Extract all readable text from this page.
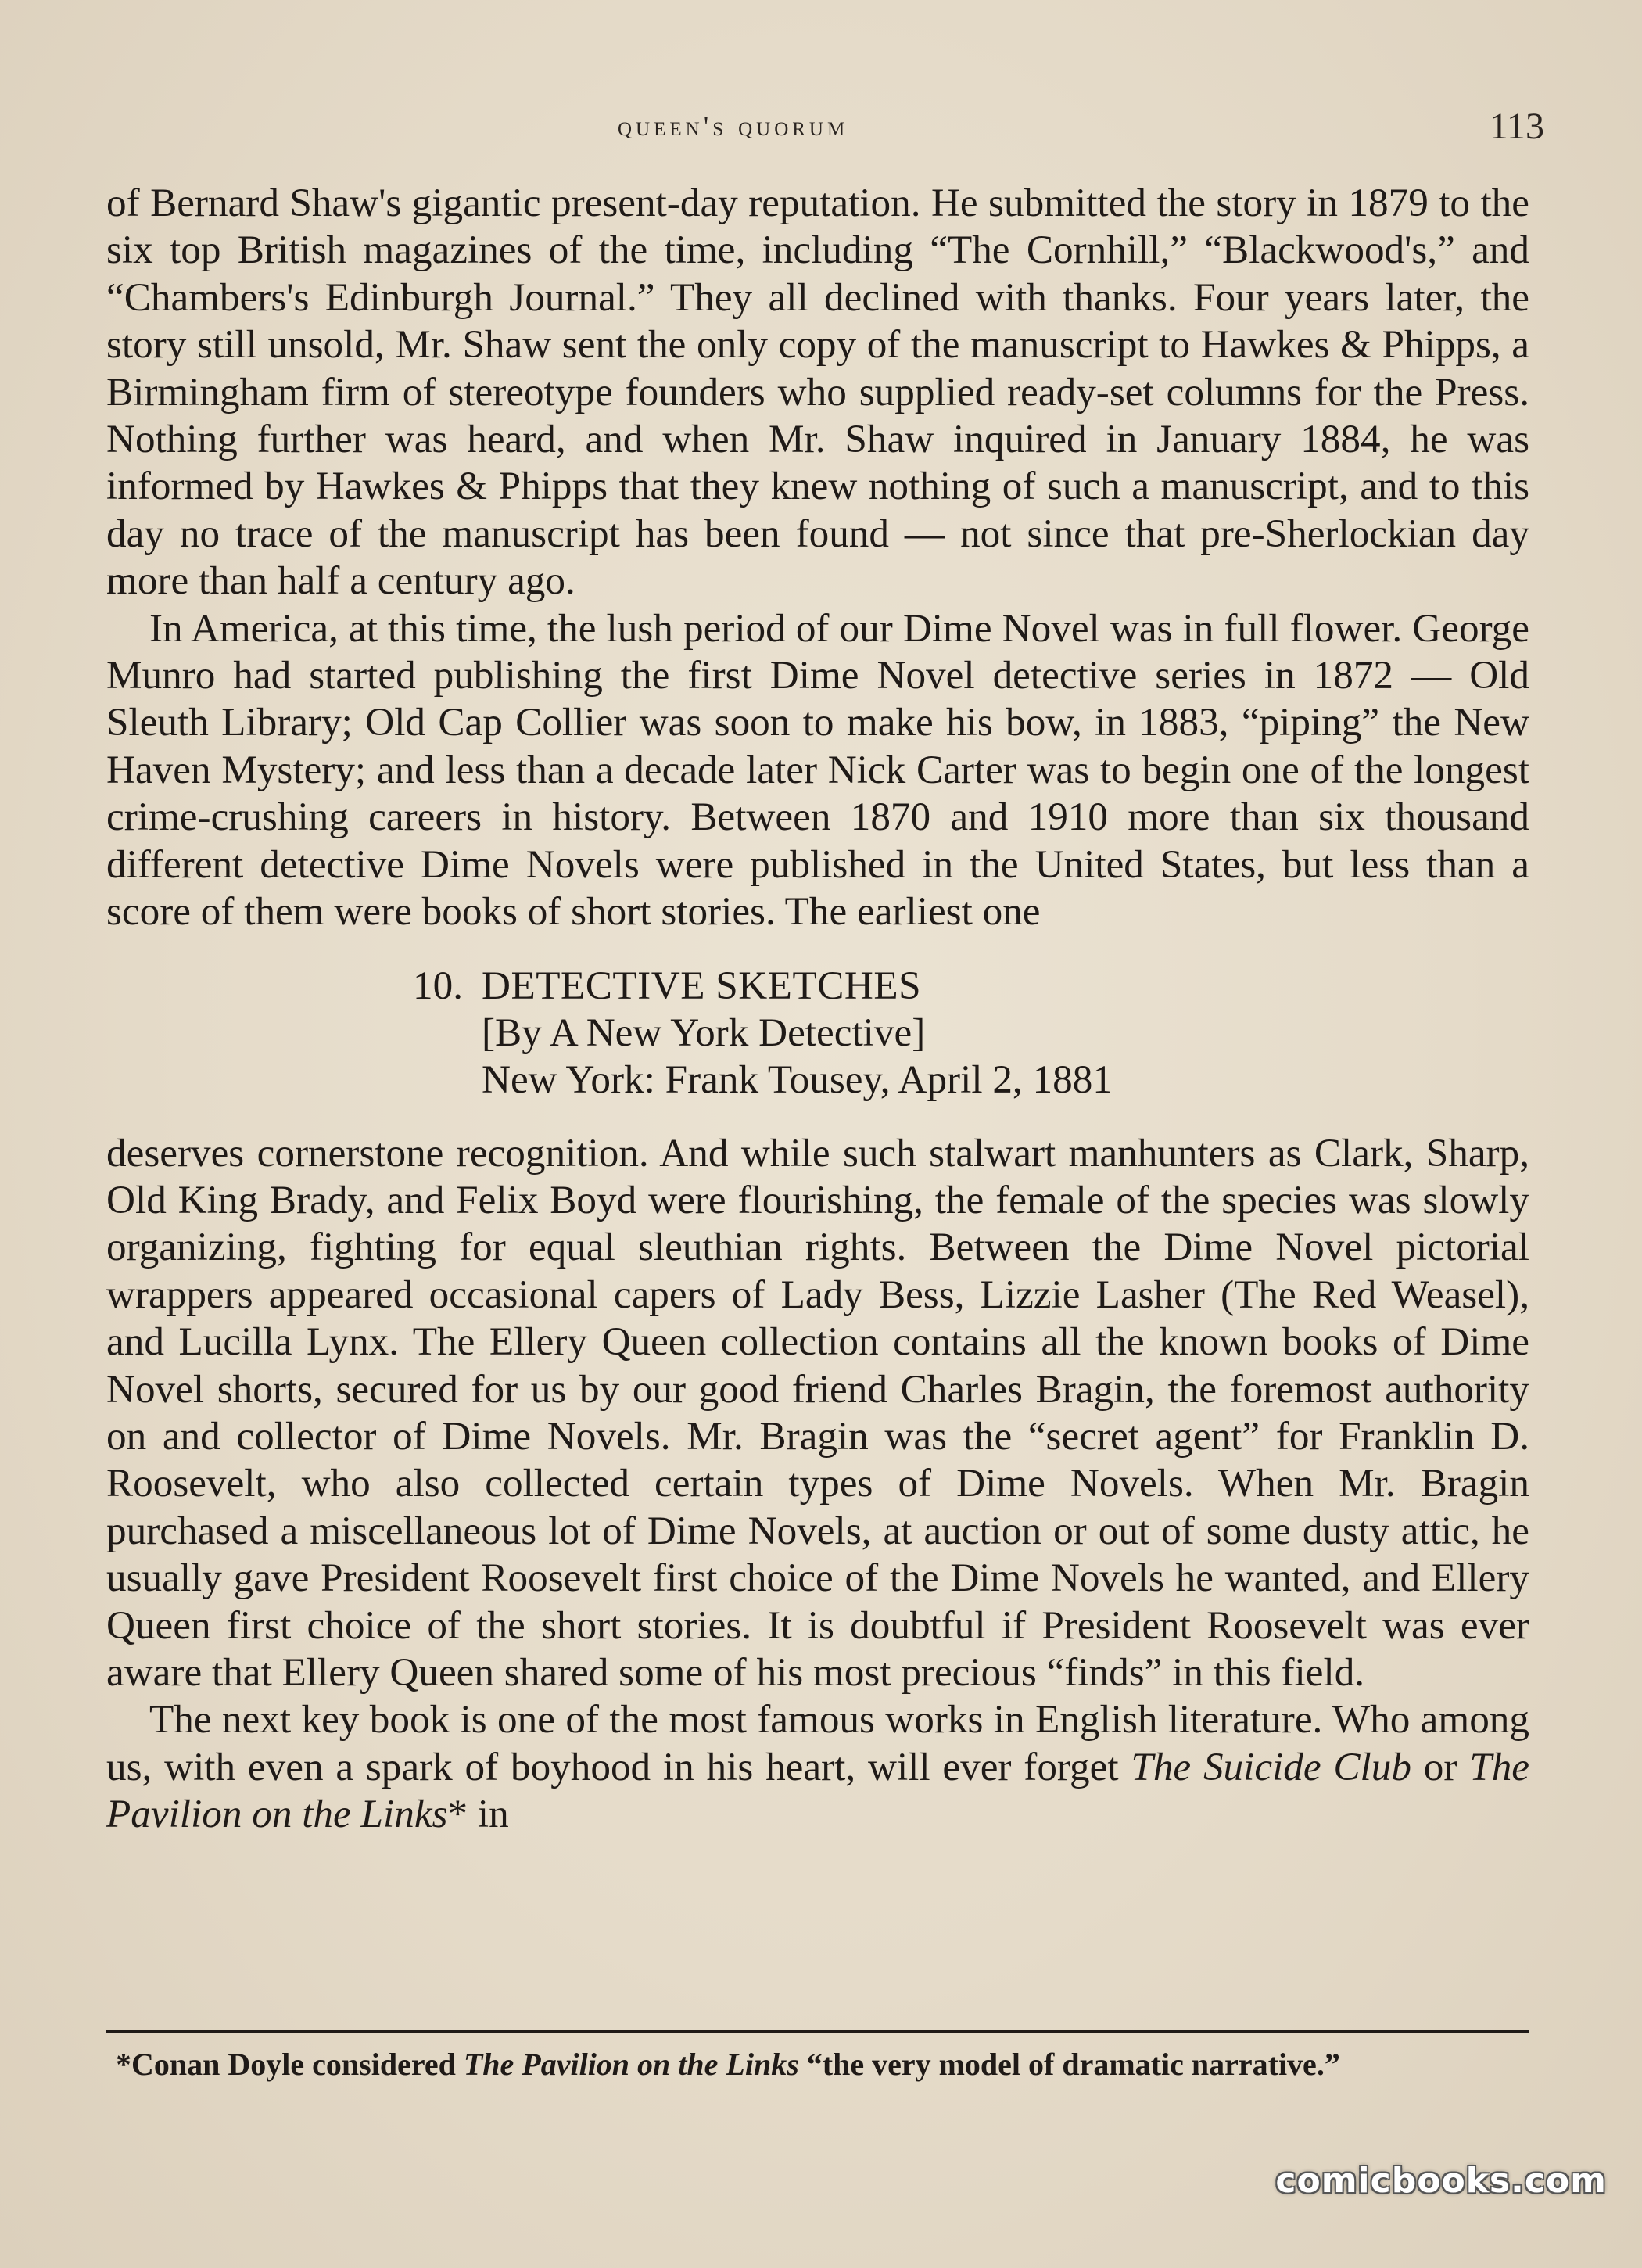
queen's quorum	113

of Bernard Shaw's gigantic present-day reputation. He submitted the story in 1879 to the six top British magazines of the time, including “The Cornhill,” “Blackwood's,” and “Chambers's Edinburgh Journal.” They all declined with thanks. Four years later, the story still unsold, Mr. Shaw sent the only copy of the manuscript to Hawkes & Phipps, a Birmingham firm of stereotype founders who supplied ready-set columns for the Press. Nothing further was heard, and when Mr. Shaw inquired in January 1884, he was informed by Hawkes & Phipps that they knew nothing of such a manuscript, and to this day no trace of the manuscript has been found — not since that pre-Sherlockian day more than half a century ago.

In America, at this time, the lush period of our Dime Novel was in full flower. George Munro had started publishing the first Dime Novel detective series in 1872 — Old Sleuth Library; Old Cap Collier was soon to make his bow, in 1883, “piping” the New Haven Mystery; and less than a decade later Nick Carter was to begin one of the longest crime-crushing careers in history. Between 1870 and 1910 more than six thousand different detective Dime Novels were published in the United States, but less than a score of them were books of short stories. The earliest one

10. DETECTIVE SKETCHES
[By A New York Detective]
New York: Frank Tousey, April 2, 1881

deserves cornerstone recognition. And while such stalwart manhunters as Clark, Sharp, Old King Brady, and Felix Boyd were flourishing, the female of the species was slowly organizing, fighting for equal sleuthian rights. Between the Dime Novel pictorial wrappers appeared occasional capers of Lady Bess, Lizzie Lasher (The Red Weasel), and Lucilla Lynx. The Ellery Queen collection contains all the known books of Dime Novel shorts, secured for us by our good friend Charles Bragin, the foremost authority on and collector of Dime Novels. Mr. Bragin was the “secret agent” for Franklin D. Roosevelt, who also collected certain types of Dime Novels. When Mr. Bragin purchased a miscellaneous lot of Dime Novels, at auction or out of some dusty attic, he usually gave President Roosevelt first choice of the Dime Novels he wanted, and Ellery Queen first choice of the short stories. It is doubtful if President Roosevelt was ever aware that Ellery Queen shared some of his most precious “finds” in this field.

The next key book is one of the most famous works in English literature. Who among us, with even a spark of boyhood in his heart, will ever forget The Suicide Club or The Pavilion on the Links* in

*Conan Doyle considered The Pavilion on the Links “the very model of dramatic narrative.”
comicbooks.com
